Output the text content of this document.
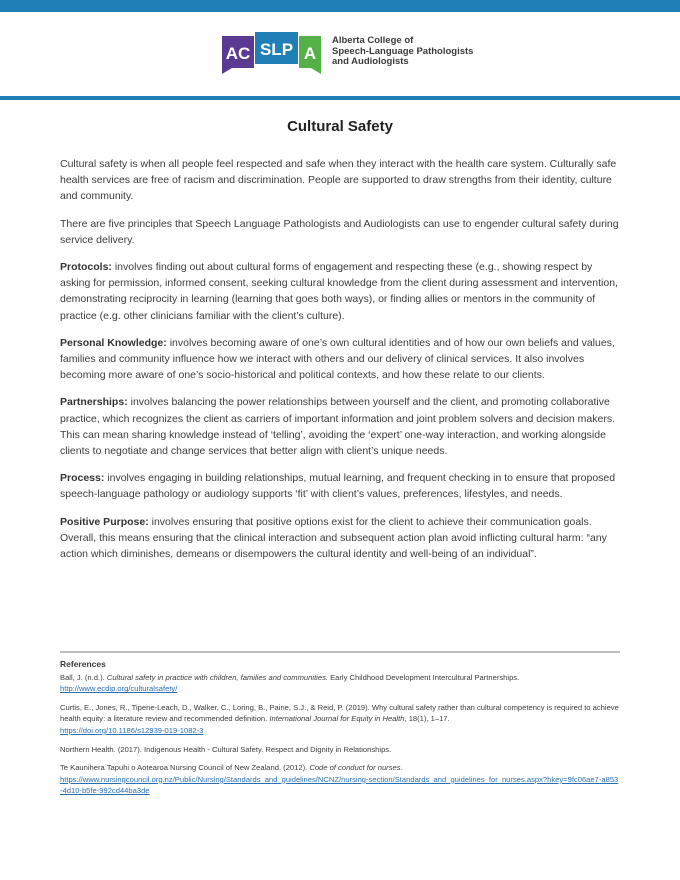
AC SLP A
Alberta College of
Speech-Language Pathologists
and Audiologists
Cultural Safety

Cultural safety is when all people feel respected and safe when they interact with the health care system. Culturally safe health services are free of racism and discrimination. People are supported to draw strengths from their identity, culture and community.

There are five principles that Speech Language Pathologists and Audiologists can use to engender cultural safety during service delivery.

Protocols: involves finding out about cultural forms of engagement and respecting these (e.g., showing respect by asking for permission, informed consent, seeking cultural knowledge from the client during assessment and intervention, demonstrating reciprocity in learning (learning that goes both ways), or finding allies or mentors in the community of practice (e.g. other clinicians familiar with the client’s culture).

Personal Knowledge: involves becoming aware of one’s own cultural identities and of how our own beliefs and values, families and community influence how we interact with others and our delivery of clinical services. It also involves becoming more aware of one’s socio-historical and political contexts, and how these relate to our clients.

Partnerships: involves balancing the power relationships between yourself and the client, and promoting collaborative practice, which recognizes the client as carriers of important information and joint problem solvers and decision makers. This can mean sharing knowledge instead of ‘telling’, avoiding the ‘expert’ one-way interaction, and working alongside clients to negotiate and change services that better align with client’s unique needs.

Process: involves engaging in building relationships, mutual learning, and frequent checking in to ensure that proposed speech-language pathology or audiology supports ‘fit’ with client’s values, preferences, lifestyles, and needs.

Positive Purpose: involves ensuring that positive options exist for the client to achieve their communication goals. Overall, this means ensuring that the clinical interaction and subsequent action plan avoid inflicting cultural harm: “any action which diminishes, demeans or disempowers the cultural identity and well-being of an individual”.

References
Ball, J. (n.d.). Cultural safety in practice with children, families and communities. Early Childhood Development Intercultural Partnerships.
http://www.ecdip.org/culturalsafety/
Curtis, E., Jones, R., Tipene-Leach, D., Walker, C., Loring, B., Paine, S.J., & Reid, P. (2019). Why cultural safety rather than cultural competency is required to achieve health equity: a literature review and recommended definition. International Journal for Equity in Health, 18(1), 1–17.
https://doi.org/10.1186/s12939-019-1082-3
Northern Health. (2017). Indigenous Health - Cultural Safety. Respect and Dignity in Relationships.
Te Kaunihera Tapuhi o Aotearoa Nursing Council of New Zealand. (2012). Code of conduct for nurses.
https://www.nursingcouncil.org.nz/Public/Nursing/Standards_and_guidelines/NCNZ/nursing-section/Standards_and_guidelines_for_nurses.aspx?hkey=9fc06ae7-a853-4d10-b5fe-992cd44ba3de
